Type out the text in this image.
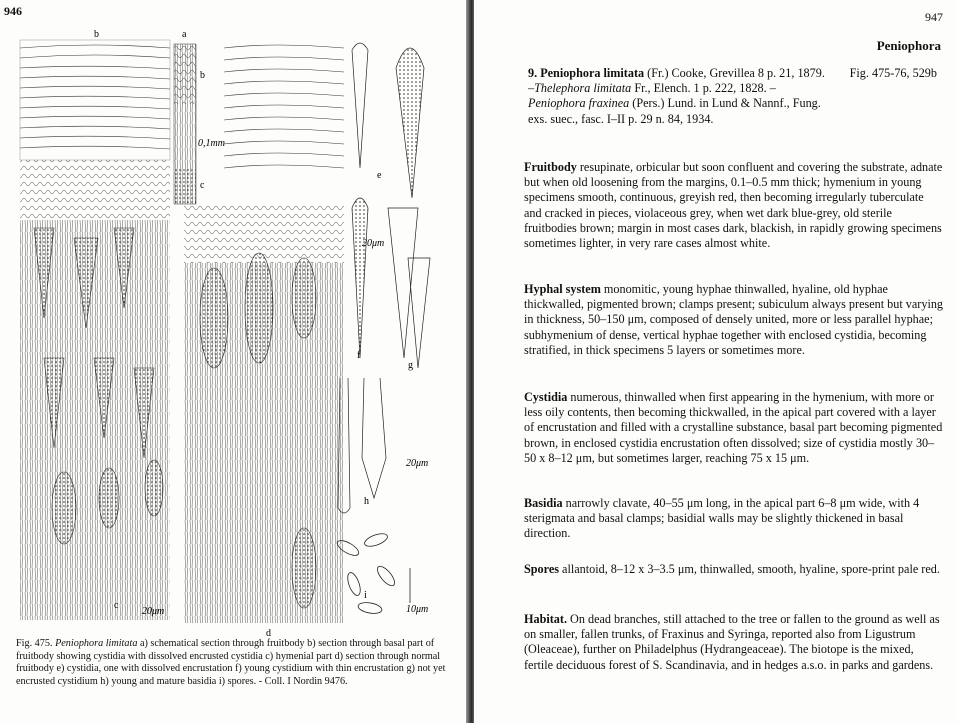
946
b	a
b
c
c
d
e
f
g
h
i
0,1mm
20μm
20μm
20μm	10μm
Fig. 475. Peniophora limitata a) schematical section through fruitbody b) section through basal part of fruitbody showing cystidia with dissolved encrusted cystidia c) hymenial part d) section through normal fruitbody e) cystidia, one with dissolved encrustation f) young cystidium with thin encrustation g) not yet encrusted cystidium h) young and mature basidia i) spores. - Coll. I Nordin 9476.
947
Peniophora
9. Peniophora limitata (Fr.) Cooke, Grevillea 8 p. 21, 1879. –Thelephora limitata Fr., Elench. 1 p. 222, 1828. –Peniophora fraxinea (Pers.) Lund. in Lund & Nannf., Fung. exs. suec., fasc. I–II p. 29 n. 84, 1934.
Fig. 475-76, 529b
Fruitbody resupinate, orbicular but soon confluent and covering the substrate, adnate but when old loosening from the margins, 0.1–0.5 mm thick; hymenium in young specimens smooth, continuous, greyish red, then becoming irregularly tuberculate and cracked in pieces, violaceous grey, when wet dark blue-grey, old sterile fruitbodies brown; margin in most cases dark, blackish, in rapidly growing specimens sometimes lighter, in very rare cases almost white.
Hyphal system monomitic, young hyphae thinwalled, hyaline, old hyphae thickwalled, pigmented brown; clamps present; subiculum always present but varying in thickness, 50–150 μm, composed of densely united, more or less parallel hyphae; subhymenium of dense, vertical hyphae together with enclosed cystidia, becoming stratified, in thick specimens 5 layers or sometimes more.
Cystidia numerous, thinwalled when first appearing in the hymenium, with more or less oily contents, then becoming thickwalled, in the apical part covered with a layer of encrustation and filled with a crystalline substance, basal part becoming pigmented brown, in enclosed cystidia encrustation often dissolved; size of cystidia mostly 30–50 x 8–12 μm, but sometimes larger, reaching 75 x 15 μm.
Basidia narrowly clavate, 40–55 μm long, in the apical part 6–8 μm wide, with 4 sterigmata and basal clamps; basidial walls may be slightly thickened in basal direction.
Spores allantoid, 8–12 x 3–3.5 μm, thinwalled, smooth, hyaline, spore-print pale red.
Habitat. On dead branches, still attached to the tree or fallen to the ground as well as on smaller, fallen trunks, of Fraxinus and Syringa, reported also from Ligustrum (Oleaceae), further on Philadelphus (Hydrangeaceae). The biotope is the mixed, fertile deciduous forest of S. Scandinavia, and in hedges a.s.o. in parks and gardens.
